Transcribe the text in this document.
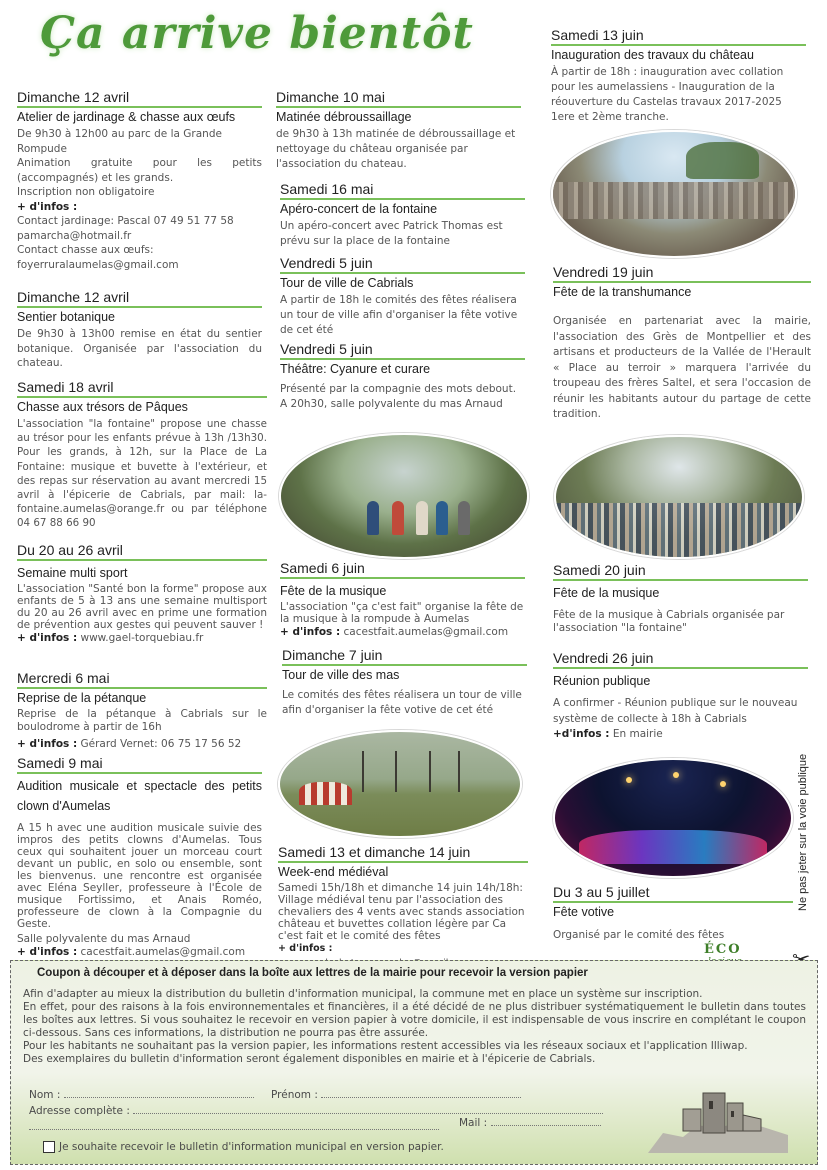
Ça arrive bientôt
Dimanche 12 avril
Atelier de jardinage & chasse aux œufs

De 9h30 à 12h00 au parc de la Grande Rompude

Animation gratuite pour les petits (accompagnés) et les grands.

Inscription non obligatoire

+ d'infos :
Contact jardinage: Pascal 07 49 51 77 58
pamarcha@hotmail.fr
Contact chasse aux œufs:
foyerruralaumelas@gmail.com
Dimanche 12 avril
Sentier botanique

De 9h30 à 13h00 remise en état du sentier botanique. Organisée par l'association du chateau.

Samedi 18 avril
Chasse aux trésors de Pâques

L'association "la fontaine" propose une chasse au trésor pour les enfants prévue à 13h /13h30. Pour les grands, à 12h, sur la Place de La Fontaine: musique et buvette à l'extérieur, et des repas sur réservation au avant mercredi 15 avril à l'épicerie de Cabrials, par mail: la-fontaine.aumelas@orange.fr ou par téléphone 04 67 88 66 90

Du 20 au 26 avril
Semaine multi sport

L'association "Santé bon la forme" propose aux enfants de 5 à 13 ans une semaine multisport du 20 au 26 avril avec en prime une formation de prévention aux gestes qui peuvent sauver !

+ d'infos : www.gael-torquebiau.fr
Mercredi 6 mai
Reprise de la pétanque

Reprise de la pétanque à Cabrials sur le boulodrome à partir de 16h

+ d'infos : Gérard Vernet: 06 75 17 56 52
Samedi 9 mai
Audition musicale et spectacle des petits clown d'Aumelas

A 15 h avec une audition musicale suivie des impros des petits clowns d'Aumelas. Tous ceux qui souhaitent jouer un morceau court devant un public, en solo ou ensemble, sont les bienvenus. une rencontre est organisée avec Eléna Seyller, professeure à l'École de musique Fortissimo, et Anais Roméo, professeure de clown à la Compagnie du Geste.

Salle polyvalente du mas Arnaud

+ d'infos : cacestfait.aumelas@gmail.com
Dimanche 10 mai
Matinée débroussaillage

de 9h30 à 13h matinée de débroussaillage et nettoyage du château organisée par l'association du chateau.

Samedi 16 mai
Apéro-concert de la fontaine

Un apéro-concert avec Patrick Thomas est prévu sur la place de la fontaine

Vendredi 5 juin
Tour de ville de Cabrials

A partir de 18h le comités des fêtes réalisera un tour de ville afin d'organiser la fête votive de cet été

Vendredi 5 juin
Théâtre: Cyanure et curare

Présenté par la compagnie des mots debout.

A 20h30, salle polyvalente du mas Arnaud

Samedi 6 juin
Fête de la musique

L'association "ça c'est fait" organise la fête de la musique à la rompude à Aumelas

+ d'infos : cacestfait.aumelas@gmail.com
Dimanche 7 juin
Tour de ville des mas

Le comités des fêtes réalisera un tour de ville afin d'organiser la fête votive de cet été

Samedi 13 et dimanche 14 juin
Week-end médiéval

Samedi 15h/18h et dimanche 14 juin 14h/18h: Village médiéval tenu par l'association des chevaliers des 4 vents avec stands association château et buvettes collation légère par Ca c'est fait et le comité des fêtes

+ d'infos :
Samedi 13 juin
Inauguration des travaux du château

À partir de 18h : inauguration avec collation pour les aumelassiens - Inauguration de la réouverture du Castelas travaux 2017-2025 1ere et 2ème tranche.

Vendredi 19 juin
Fête de la transhumance

Organisée en partenariat avec la mairie, l'association des Grès de Montpellier et des artisans et producteurs de la Vallée de l'Herault « Place au terroir » marquera l'arrivée du troupeau des frères Saltel, et sera l'occasion de réunir les habitants autour du partage de cette tradition.

Samedi 20 juin
Fête de la musique

Fête de la musique à Cabrials organisée par l'association "la fontaine"

Vendredi 26 juin
Réunion publique

A confirmer - Réunion publique sur le nouveau système de collecte à 18h à Cabrials

+d'infos : En mairie
Du 3 au 5 juillet
Fête votive

Organisé par le comité des fêtes

Ne pas jeter sur la voie publique
ÉCO
Coupon à découper et à déposer dans la boîte aux lettres de la mairie pour recevoir la version papier

Afin d'adapter au mieux la distribution du bulletin d'information municipal, la commune met en place un système sur inscription.

En effet, pour des raisons à la fois environnementales et financières, il a été décidé de ne plus distribuer systématiquement le bulletin dans toutes les boîtes aux lettres. Si vous souhaitez le recevoir en version papier à votre domicile, il est indispensable de vous inscrire en complétant le coupon ci-dessous. Sans ces informations, la distribution ne pourra pas être assurée.

Pour les habitants ne souhaitant pas la version papier, les informations restent accessibles via les réseaux sociaux et l'application Illiwap.

Des exemplaires du bulletin d'information seront également disponibles en mairie et à l'épicerie de Cabrials.

Nom :	Prénom :
Adresse complète :
Mail :
Je souhaite recevoir le bulletin d'information municipal en version papier.
